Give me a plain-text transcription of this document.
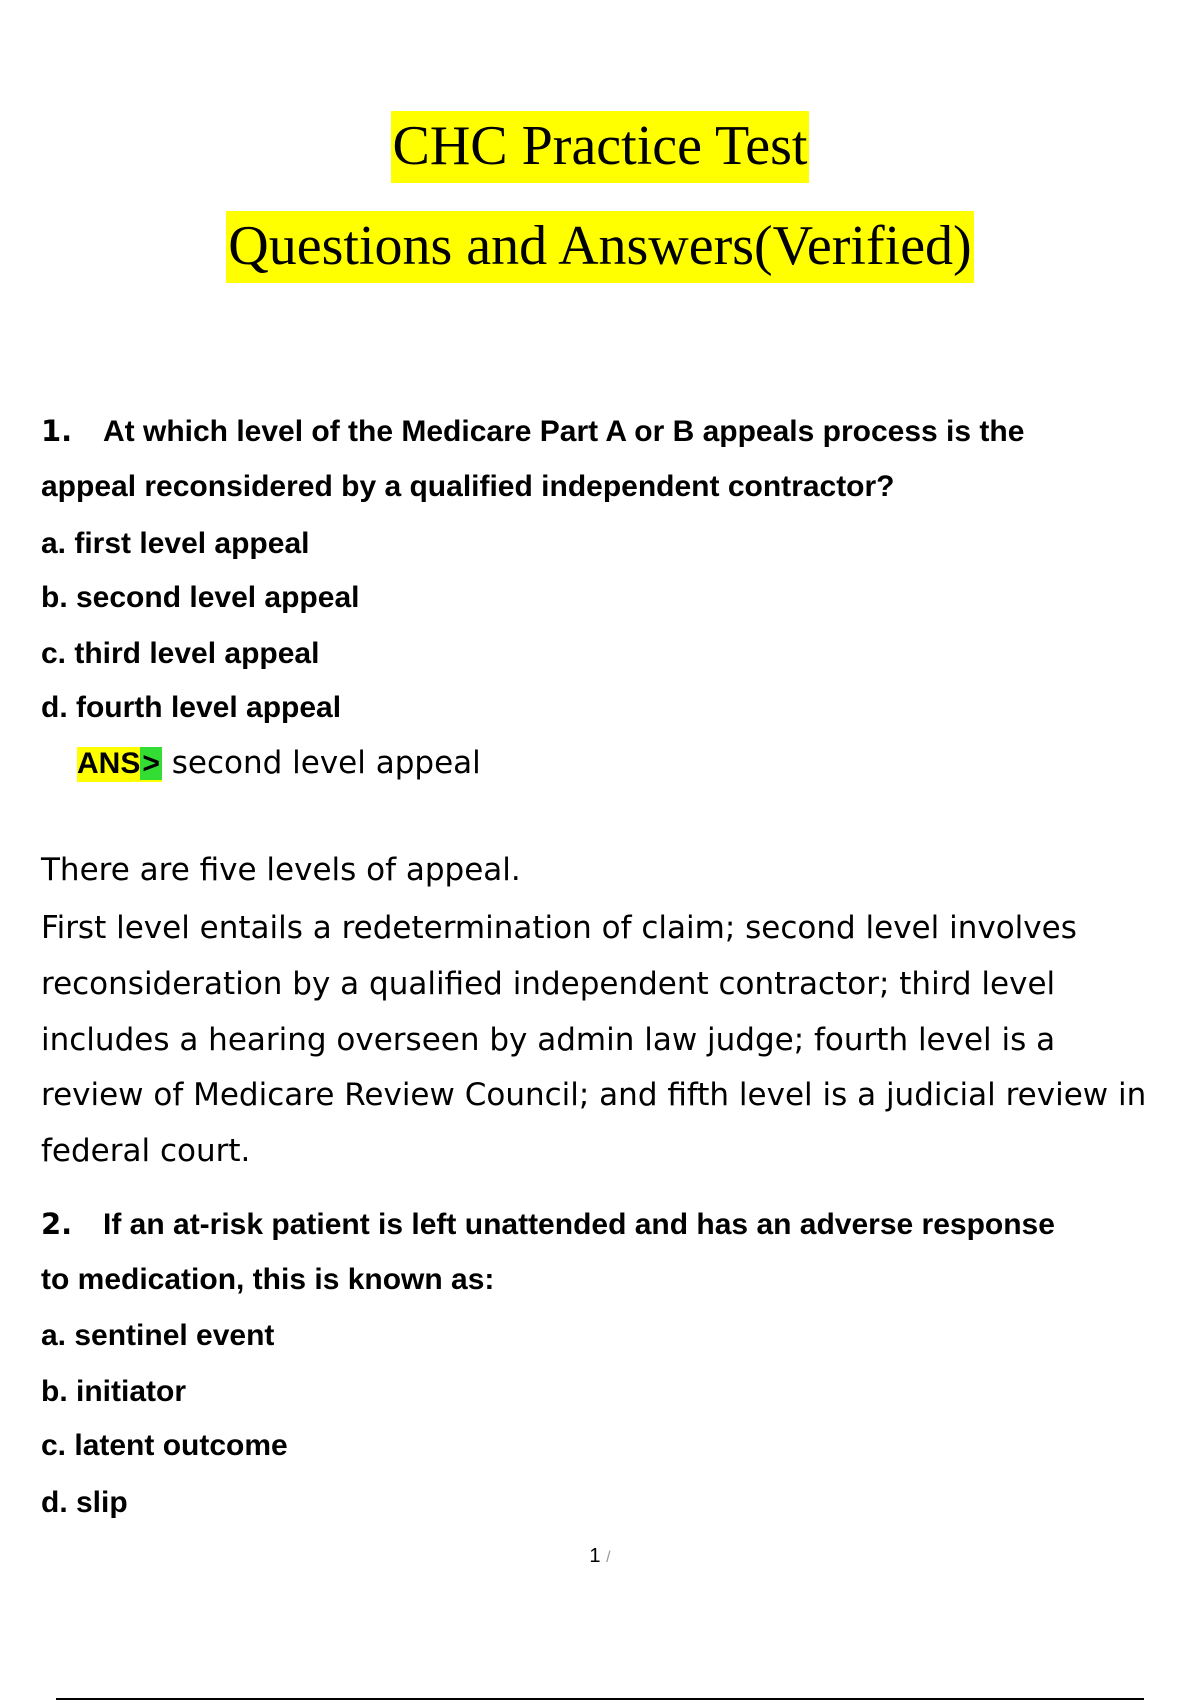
CHC Practice Test
Questions and Answers(Verified)
1. At which level of the Medicare Part A or B appeals process is the
appeal reconsidered by a qualified independent contractor?
a. first level appeal
b. second level appeal
c. third level appeal
d. fourth level appeal
ANS> second level appeal
There are five levels of appeal.
First level entails a redetermination of claim; second level involves
reconsideration by a qualified independent contractor; third level
includes a hearing overseen by admin law judge; fourth level is a
review of Medicare Review Council; and fifth level is a judicial review in
federal court.
2. If an at-risk patient is left unattended and has an adverse response
to medication, this is known as:
a. sentinel event
b. initiator
c. latent outcome
d. slip
1 /
